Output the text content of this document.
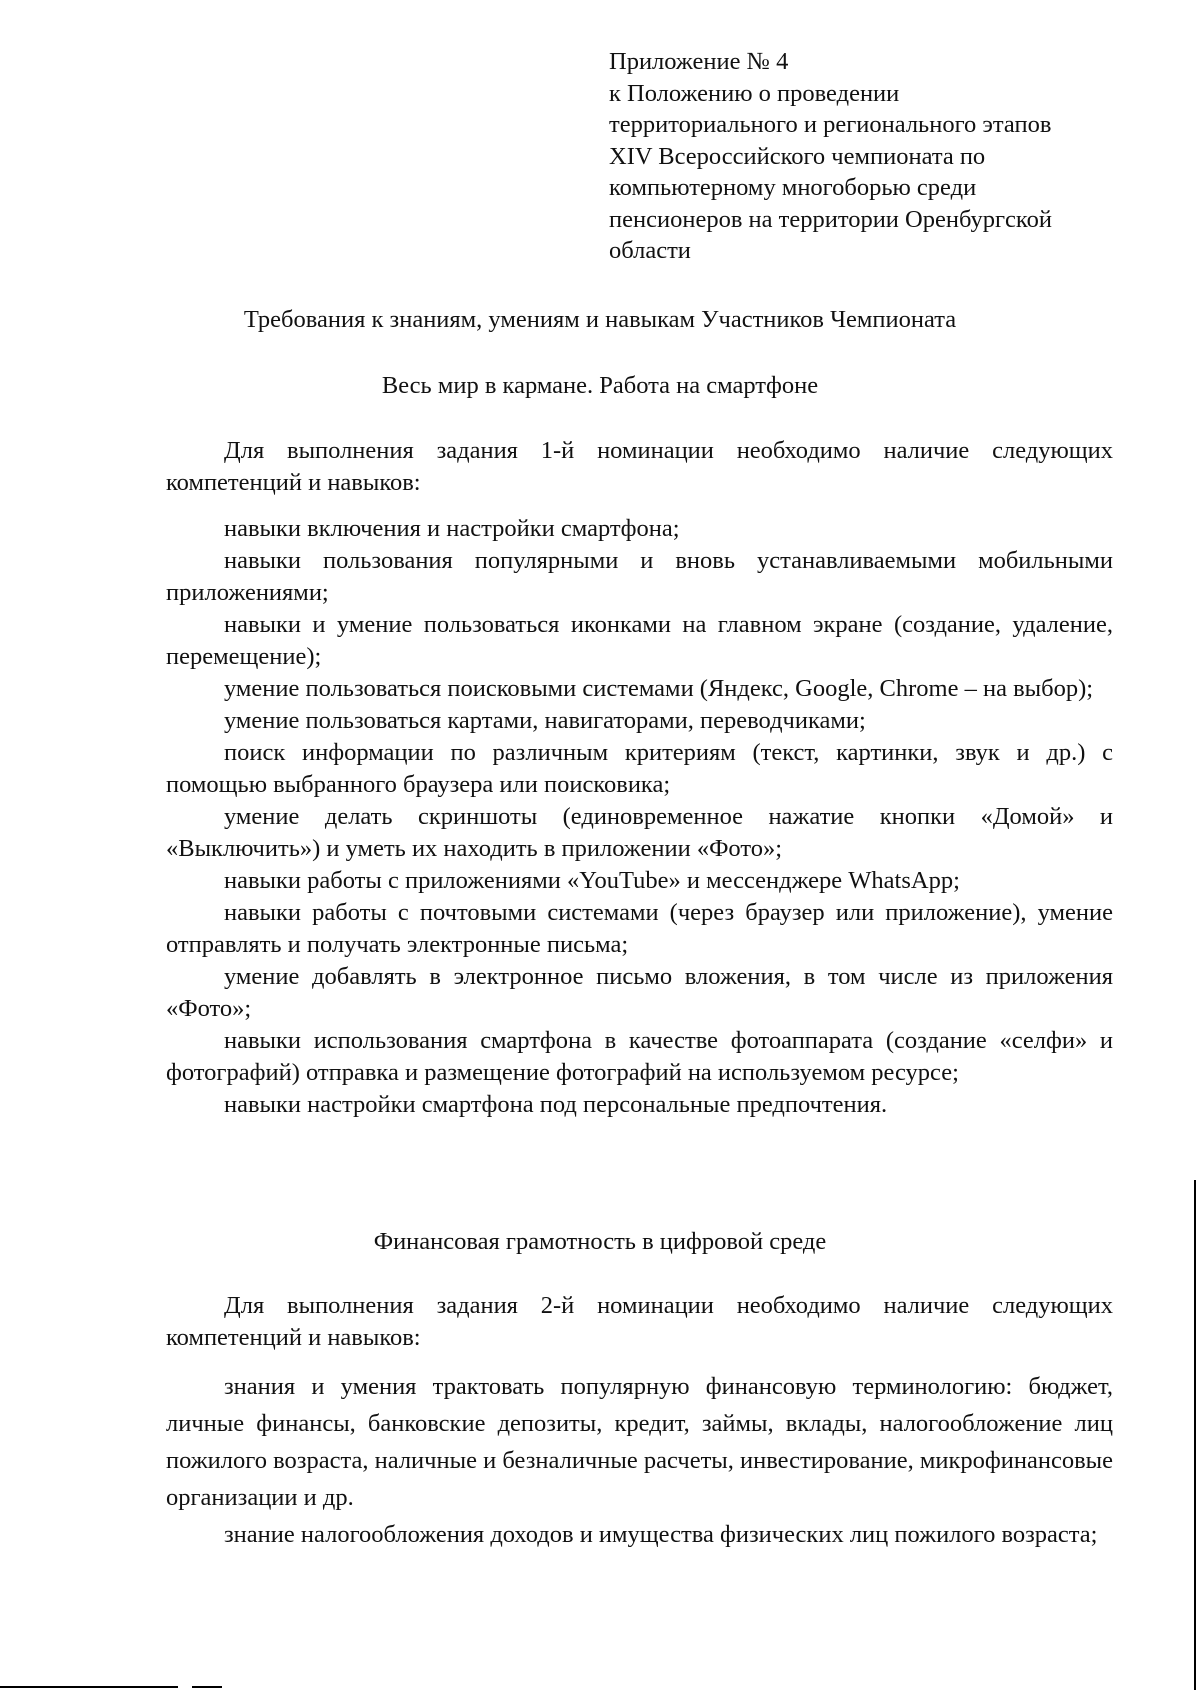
Приложение № 4
к Положению о проведении
территориального и регионального этапов
XIV Всероссийского чемпионата по
компьютерному многоборью среди
пенсионеров на территории Оренбургской
области
Требования к знаниям, умениям и навыкам Участников Чемпионата
Весь мир в кармане. Работа на смартфоне

Для выполнения задания 1-й номинации необходимо наличие следующих компетенций и навыков:

навыки включения и настройки смартфона;

навыки пользования популярными и вновь устанавливаемыми мобильными приложениями;

навыки и умение пользоваться иконками на главном экране (создание, удаление, перемещение);

умение пользоваться поисковыми системами (Яндекс, Google, Chrome – на выбор);

умение пользоваться картами, навигаторами, переводчиками;

поиск информации по различным критериям (текст, картинки, звук и др.) с помощью выбранного браузера или поисковика;

умение делать скриншоты (единовременное нажатие кнопки «Домой» и «Выключить») и уметь их находить в приложении «Фото»;

навыки работы с приложениями «YouTube» и мессенджере WhatsApp;

навыки работы с почтовыми системами (через браузер или приложение), умение отправлять и получать электронные письма;

умение добавлять в электронное письмо вложения, в том числе из приложения «Фото»;

навыки использования смартфона в качестве фотоаппарата (создание «селфи» и фотографий) отправка и размещение фотографий на используемом ресурсе;

навыки настройки смартфона под персональные предпочтения.

Финансовая грамотность в цифровой среде

Для выполнения задания 2-й номинации необходимо наличие следующих компетенций и навыков:

знания и умения трактовать популярную финансовую терминологию: бюджет, личные финансы, банковские депозиты, кредит, займы, вклады, налогообложение лиц пожилого возраста, наличные и безналичные расчеты, инвестирование, микрофинансовые организации и др.

знание налогообложения доходов и имущества физических лиц пожилого возраста;
